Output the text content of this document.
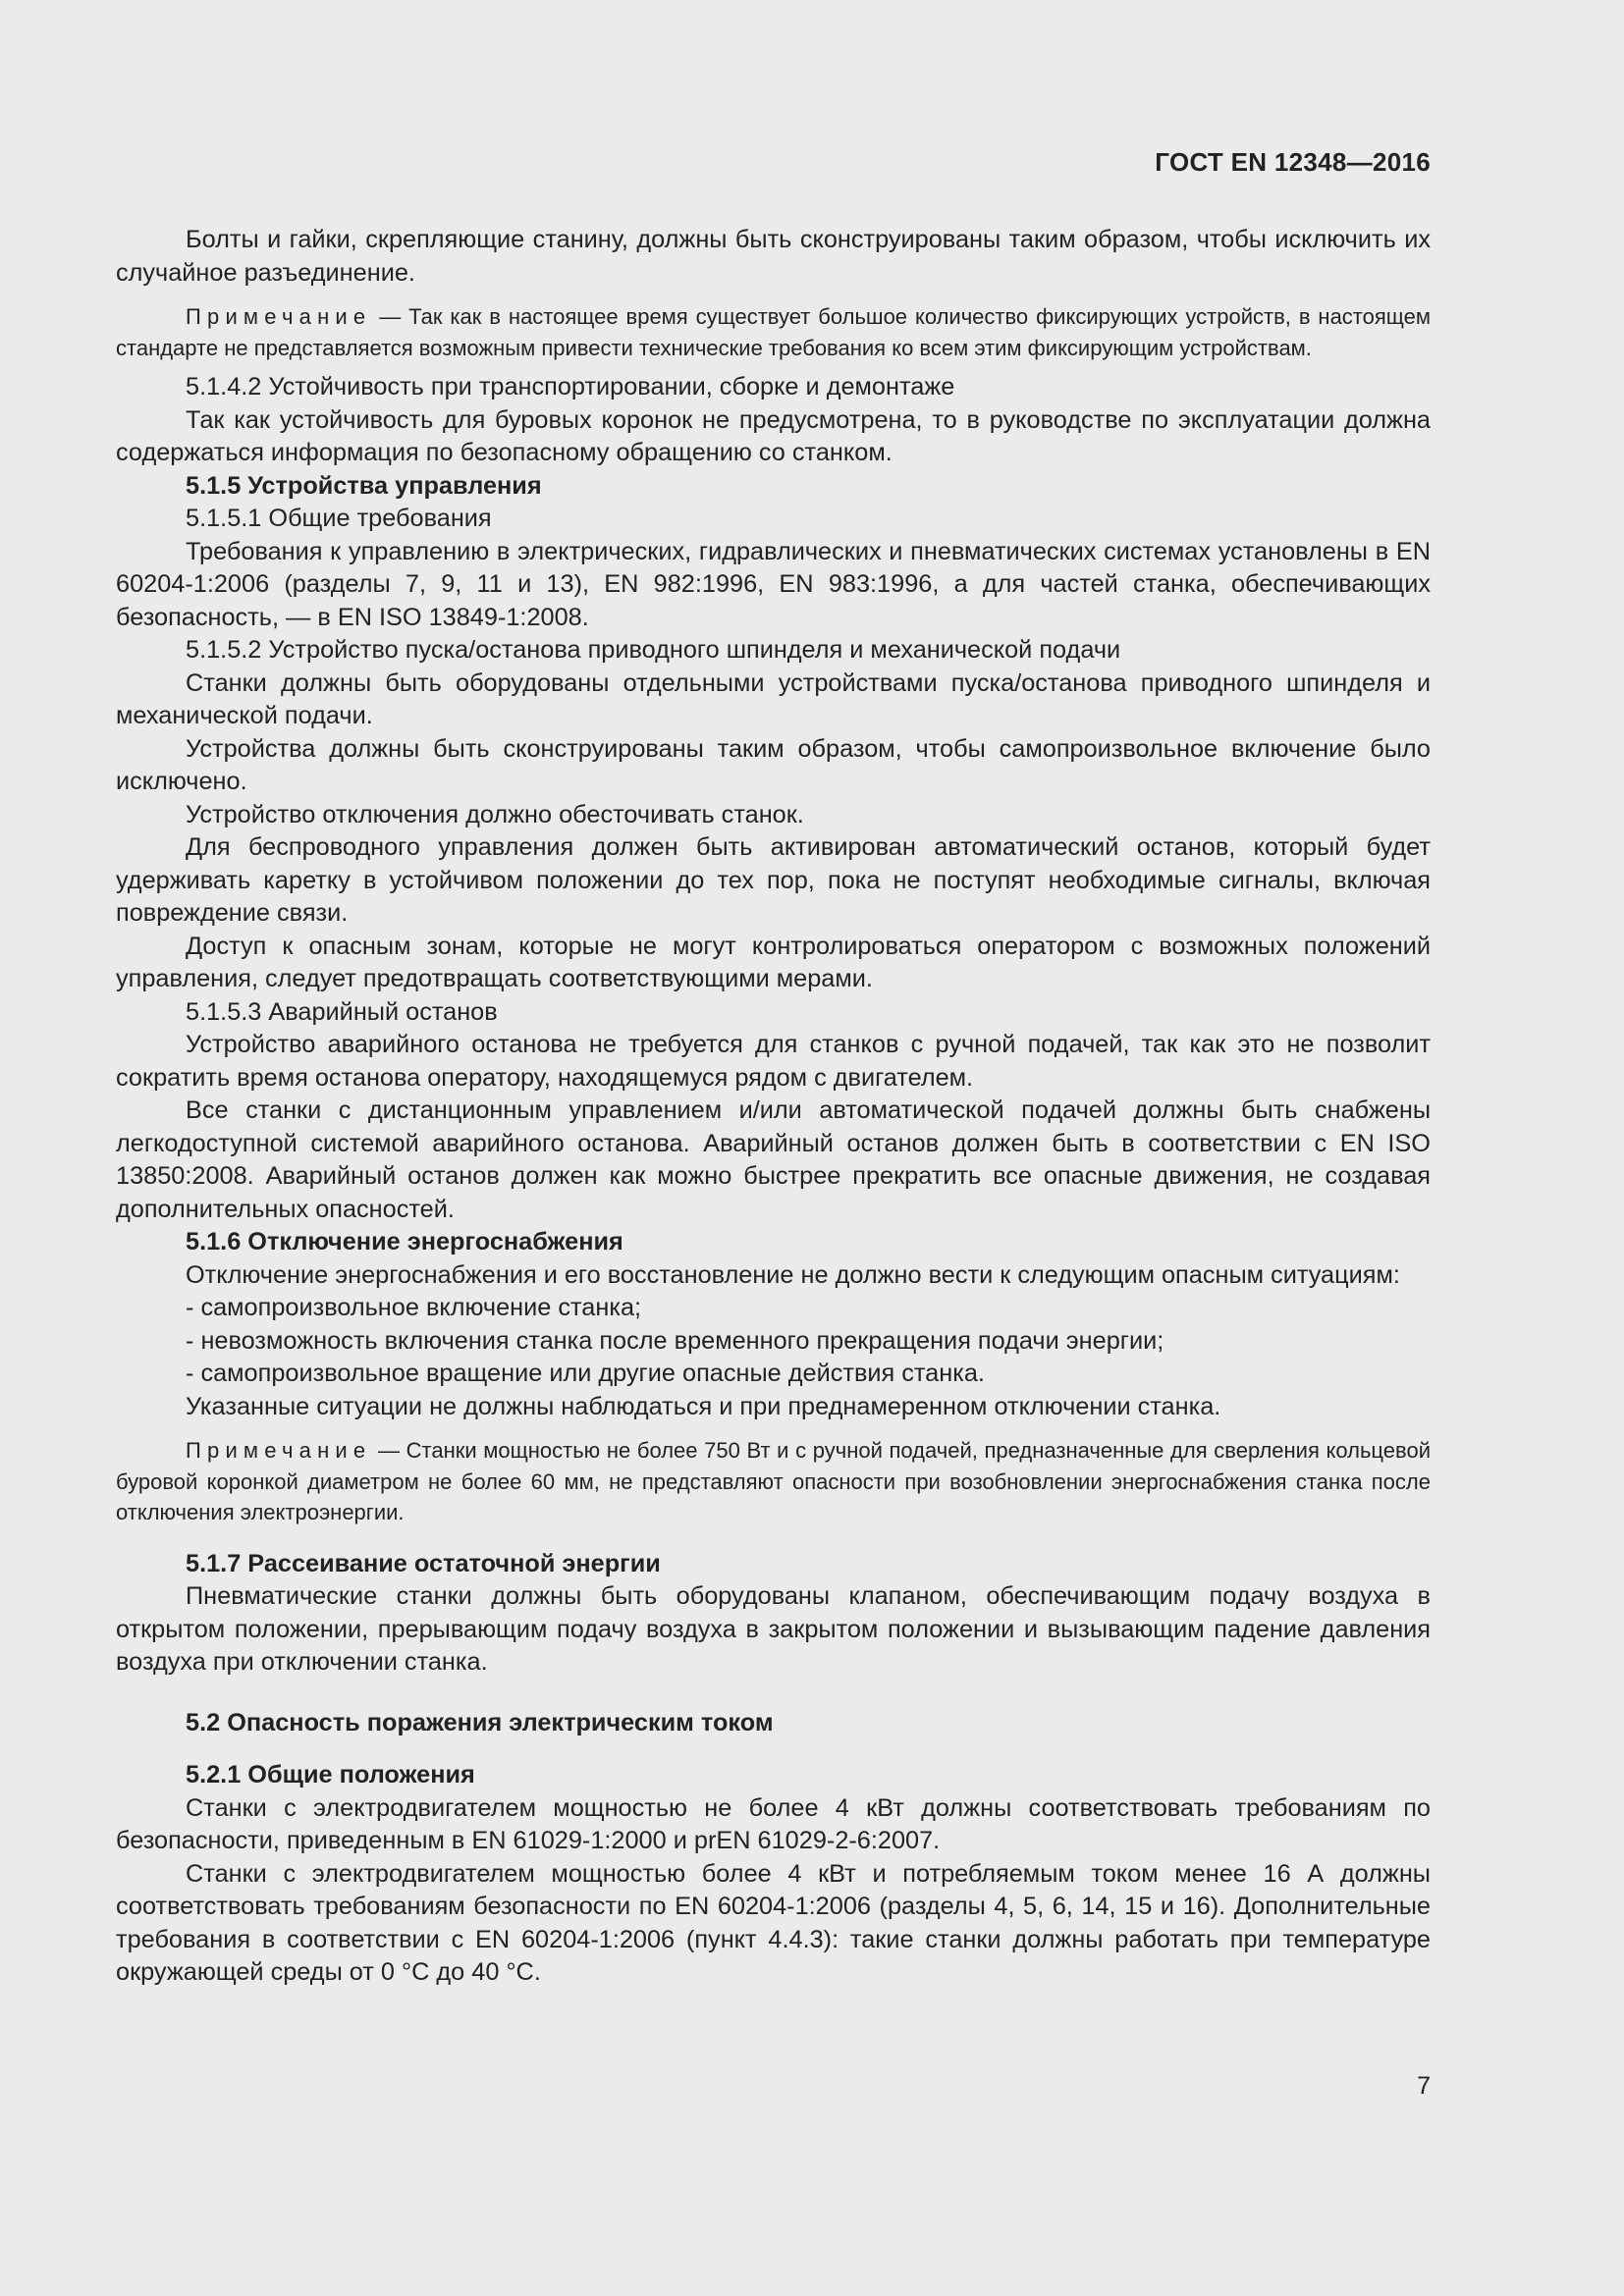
ГОСТ EN 12348—2016

Болты и гайки, скрепляющие станину, должны быть сконструированы таким образом, чтобы исключить их случайное разъединение.

Примечание — Так как в настоящее время существует большое количество фиксирующих устройств, в настоящем стандарте не представляется возможным привести технические требования ко всем этим фиксирующим устройствам.

5.1.4.2 Устойчивость при транспортировании, сборке и демонтаже

Так как устойчивость для буровых коронок не предусмотрена, то в руководстве по эксплуатации должна содержаться информация по безопасному обращению со станком.

5.1.5 Устройства управления

5.1.5.1 Общие требования

Требования к управлению в электрических, гидравлических и пневматических системах установлены в EN 60204-1:2006 (разделы 7, 9, 11 и 13), EN 982:1996, EN 983:1996, а для частей станка, обеспечивающих безопасность, — в EN ISO 13849-1:2008.

5.1.5.2 Устройство пуска/останова приводного шпинделя и механической подачи

Станки должны быть оборудованы отдельными устройствами пуска/останова приводного шпинделя и механической подачи.

Устройства должны быть сконструированы таким образом, чтобы самопроизвольное включение было исключено.

Устройство отключения должно обесточивать станок.

Для беспроводного управления должен быть активирован автоматический останов, который будет удерживать каретку в устойчивом положении до тех пор, пока не поступят необходимые сигналы, включая повреждение связи.

Доступ к опасным зонам, которые не могут контролироваться оператором с возможных положений управления, следует предотвращать соответствующими мерами.

5.1.5.3 Аварийный останов

Устройство аварийного останова не требуется для станков с ручной подачей, так как это не позволит сократить время останова оператору, находящемуся рядом с двигателем.

Все станки с дистанционным управлением и/или автоматической подачей должны быть снабжены легкодоступной системой аварийного останова. Аварийный останов должен быть в соответствии с EN ISO 13850:2008. Аварийный останов должен как можно быстрее прекратить все опасные движения, не создавая дополнительных опасностей.

5.1.6 Отключение энергоснабжения

Отключение энергоснабжения и его восстановление не должно вести к следующим опасным ситуациям:

- самопроизвольное включение станка;

- невозможность включения станка после временного прекращения подачи энергии;

- самопроизвольное вращение или другие опасные действия станка.

Указанные ситуации не должны наблюдаться и при преднамеренном отключении станка.

Примечание — Станки мощностью не более 750 Вт и с ручной подачей, предназначенные для сверления кольцевой буровой коронкой диаметром не более 60 мм, не представляют опасности при возобновлении энергоснабжения станка после отключения электроэнергии.

5.1.7 Рассеивание остаточной энергии

Пневматические станки должны быть оборудованы клапаном, обеспечивающим подачу воздуха в открытом положении, прерывающим подачу воздуха в закрытом положении и вызывающим падение давления воздуха при отключении станка.

5.2 Опасность поражения электрическим током

5.2.1 Общие положения

Станки с электродвигателем мощностью не более 4 кВт должны соответствовать требованиям по безопасности, приведенным в EN 61029-1:2000 и prEN 61029-2-6:2007.

Станки с электродвигателем мощностью более 4 кВт и потребляемым током менее 16 А должны соответствовать требованиям безопасности по EN 60204-1:2006 (разделы 4, 5, 6, 14, 15 и 16). Дополнительные требования в соответствии с EN 60204-1:2006 (пункт 4.4.3): такие станки должны работать при температуре окружающей среды от 0 °С до 40 °С.

7
